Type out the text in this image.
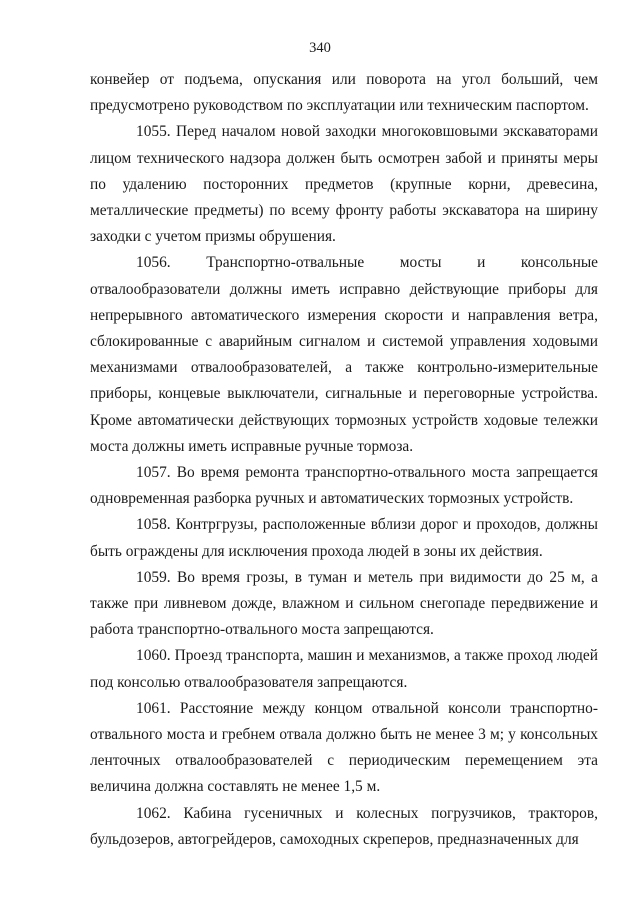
340

конвейер от подъема, опускания или поворота на угол больший, чем предусмотрено руководством по эксплуатации или техническим паспортом.

1055. Перед началом новой заходки многоковшовыми экскаваторами лицом технического надзора должен быть осмотрен забой и приняты меры по удалению посторонних предметов (крупные корни, древесина, металлические предметы) по всему фронту работы экскаватора на ширину заходки с учетом призмы обрушения.

1056. Транспортно-отвальные мосты и консольные отвалообразователи должны иметь исправно действующие приборы для непрерывного автоматического измерения скорости и направления ветра, сблокированные с аварийным сигналом и системой управления ходовыми механизмами отвалообразователей, а также контрольно-измерительные приборы, концевые выключатели, сигнальные и переговорные устройства. Кроме автоматически действующих тормозных устройств ходовые тележки моста должны иметь исправные ручные тормоза.

1057. Во время ремонта транспортно-отвального моста запрещается одновременная разборка ручных и автоматических тормозных устройств.

1058. Контргрузы, расположенные вблизи дорог и проходов, должны быть ограждены для исключения прохода людей в зоны их действия.

1059. Во время грозы, в туман и метель при видимости до 25 м, а также при ливневом дожде, влажном и сильном снегопаде передвижение и работа транспортно-отвального моста запрещаются.

1060. Проезд транспорта, машин и механизмов, а также проход людей под консолью отвалообразователя запрещаются.

1061. Расстояние между концом отвальной консоли транспортно-отвального моста и гребнем отвала должно быть не менее 3 м; у консольных ленточных отвалообразователей с периодическим перемещением эта величина должна составлять не менее 1,5 м.

1062. Кабина гусеничных и колесных погрузчиков, тракторов, бульдозеров, автогрейдеров, самоходных скреперов, предназначенных для
